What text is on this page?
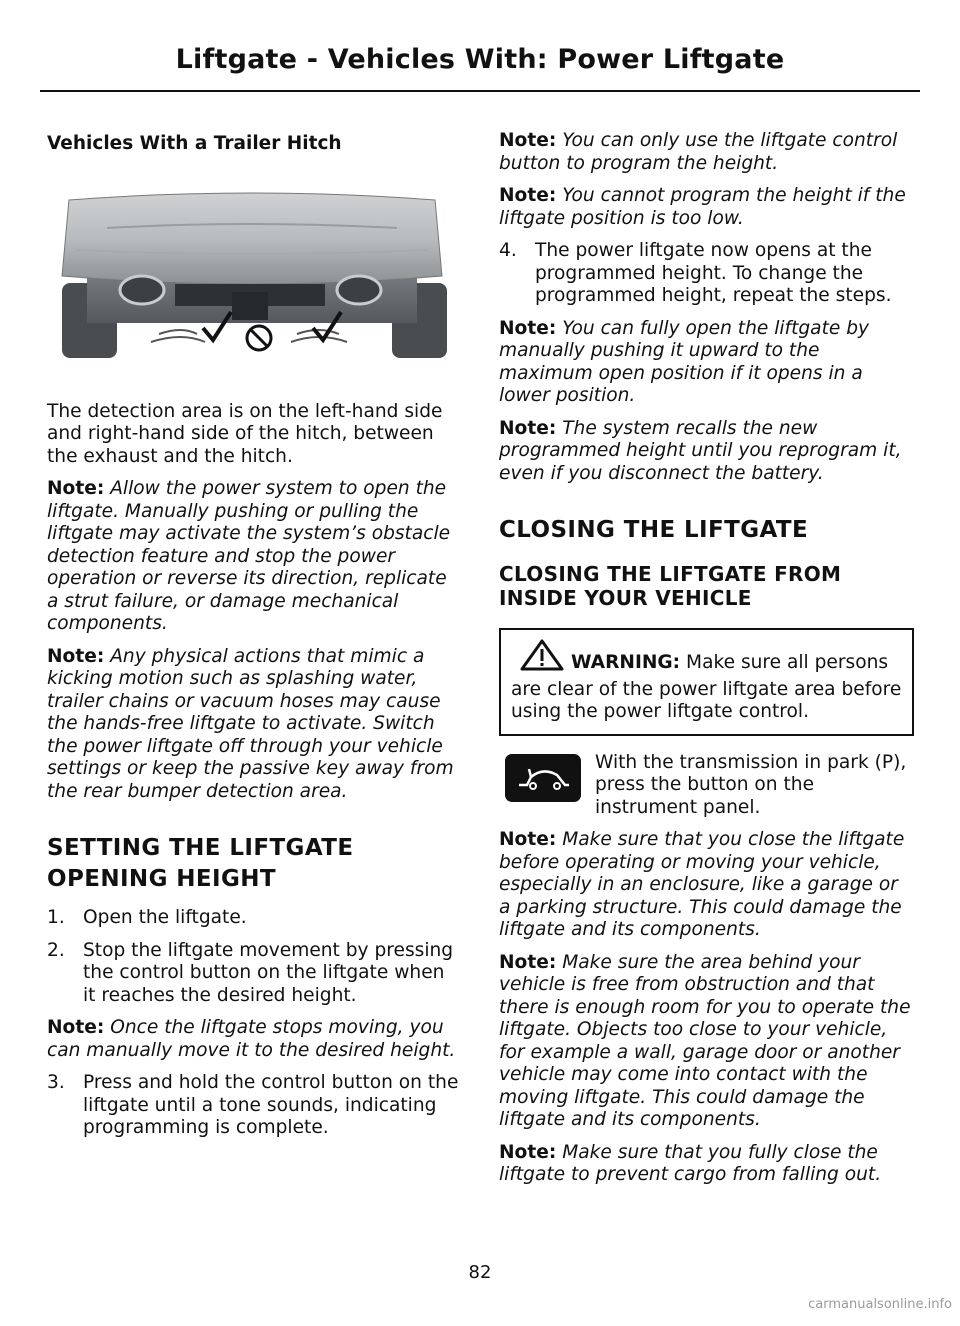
Liftgate - Vehicles With: Power Liftgate

Vehicles With a Trailer Hitch

The detection area is on the left-hand side and right-hand side of the hitch, between the exhaust and the hitch.

Note: Allow the power system to open the liftgate. Manually pushing or pulling the liftgate may activate the system’s obstacle detection feature and stop the power operation or reverse its direction, replicate a strut failure, or damage mechanical components.

Note: Any physical actions that mimic a kicking motion such as splashing water, trailer chains or vacuum hoses may cause the hands-free liftgate to activate. Switch the power liftgate off through your vehicle settings or keep the passive key away from the rear bumper detection area.

SETTING THE LIFTGATE
OPENING HEIGHT
1. Open the liftgate.
2. Stop the liftgate movement by pressing the control button on the liftgate when it reaches the desired height.

Note: Once the liftgate stops moving, you can manually move it to the desired height.

3. Press and hold the control button on the liftgate until a tone sounds, indicating programming is complete.

Note: You can only use the liftgate control button to program the height.

Note: You cannot program the height if the liftgate position is too low.

4. The power liftgate now opens at the programmed height. To change the programmed height, repeat the steps.

Note: You can fully open the liftgate by manually pushing it upward to the maximum open position if it opens in a lower position.

Note: The system recalls the new programmed height until you reprogram it, even if you disconnect the battery.

CLOSING THE LIFTGATE
CLOSING THE LIFTGATE FROM INSIDE YOUR VEHICLE
WARNING: Make sure all persons are clear of the power liftgate area before using the power liftgate control.
With the transmission in park (P), press the button on the instrument panel.

Note: Make sure that you close the liftgate before operating or moving your vehicle, especially in an enclosure, like a garage or a parking structure. This could damage the liftgate and its components.

Note: Make sure the area behind your vehicle is free from obstruction and that there is enough room for you to operate the liftgate. Objects too close to your vehicle, for example a wall, garage door or another vehicle may come into contact with the moving liftgate. This could damage the liftgate and its components.

Note: Make sure that you fully close the liftgate to prevent cargo from falling out.

82
carmanualsonline.info
